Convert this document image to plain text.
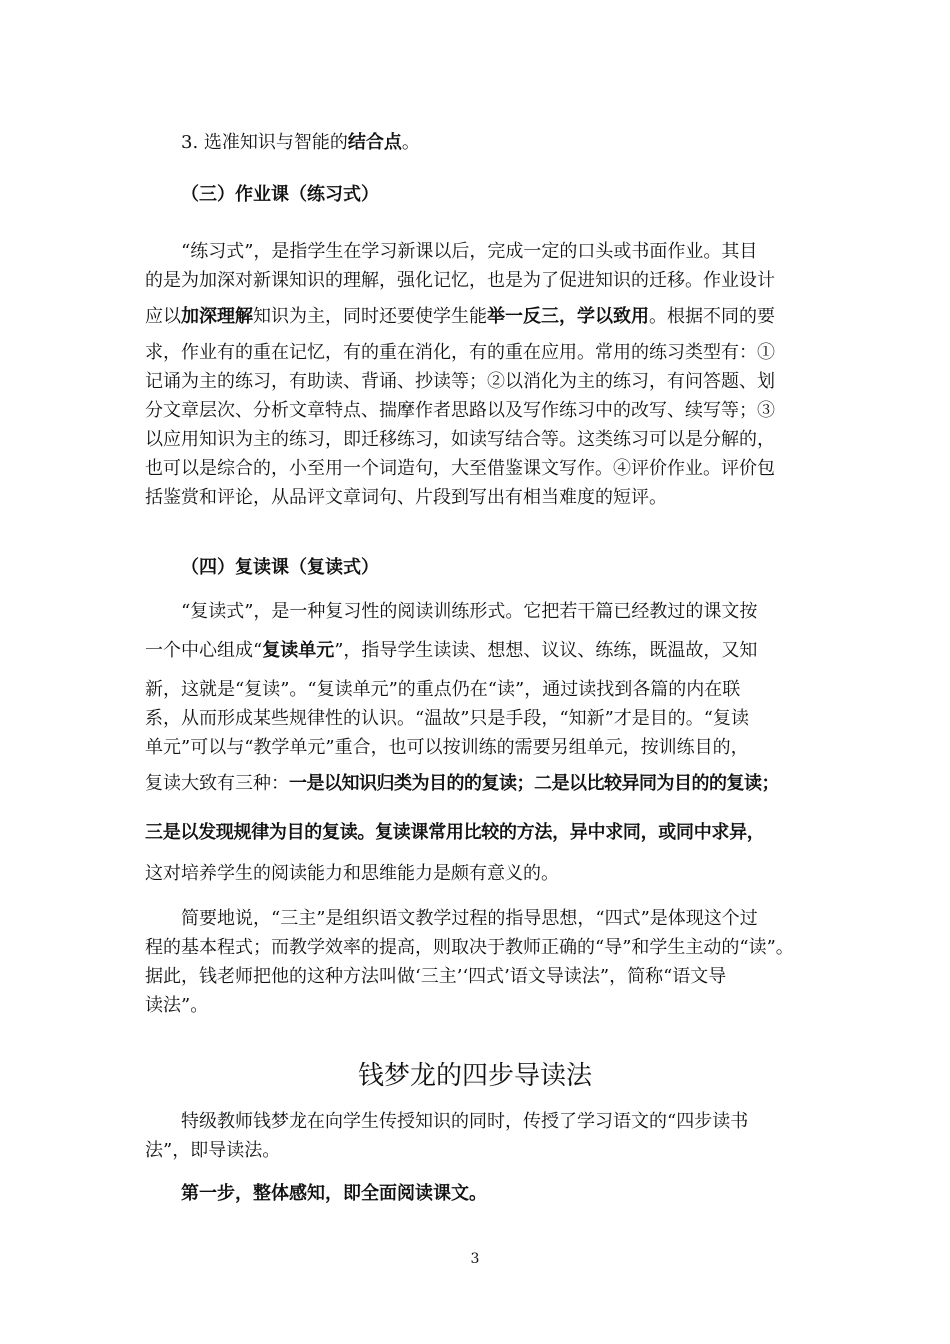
3. 选准知识与智能的结合点。
（三）作业课（练习式）
　“练习式”，是指学生在学习新课以后，完成一定的口头或书面作业。其目
的是为加深对新课知识的理解，强化记忆，也是为了促进知识的迁移。作业设计
应以加深理解知识为主，同时还要使学生能举一反三，学以致用。根据不同的要
求，作业有的重在记忆，有的重在消化，有的重在应用。常用的练习类型有：①
记诵为主的练习，有助读、背诵、抄读等；②以消化为主的练习，有问答题、划
分文章层次、分析文章特点、揣摩作者思路以及写作练习中的改写、续写等；③
以应用知识为主的练习，即迁移练习，如读写结合等。这类练习可以是分解的，
也可以是综合的，小至用一个词造句，大至借鉴课文写作。④评价作业。评价包
括鉴赏和评论，从品评文章词句、片段到写出有相当难度的短评。
（四）复读课（复读式）
　“复读式”，是一种复习性的阅读训练形式。它把若干篇已经教过的课文按
一个中心组成“复读单元”，指导学生读读、想想、议议、练练，既温故，又知
新，这就是“复读”。“复读单元”的重点仍在“读”，通过读找到各篇的内在联
系，从而形成某些规律性的认识。“温故”只是手段，“知新”才是目的。“复读
单元”可以与“教学单元”重合，也可以按训练的需要另组单元，按训练目的，
复读大致有三种：一是以知识归类为目的的复读；二是以比较异同为目的的复读；
三是以发现规律为目的复读。复读课常用比较的方法，异中求同，或同中求异，
这对培养学生的阅读能力和思维能力是颇有意义的。
　简要地说，“三主”是组织语文教学过程的指导思想，“四式”是体现这个过
程的基本程式；而教学效率的提高，则取决于教师正确的“导”和学生主动的“读”。
据此，钱老师把他的这种方法叫做‘三主’‘四式’语文导读法”，简称“语文导
读法”。
钱梦龙的四步导读法
　特级教师钱梦龙在向学生传授知识的同时，传授了学习语文的“四步读书
法”，即导读法。
第一步，整体感知，即全面阅读课文。
3
